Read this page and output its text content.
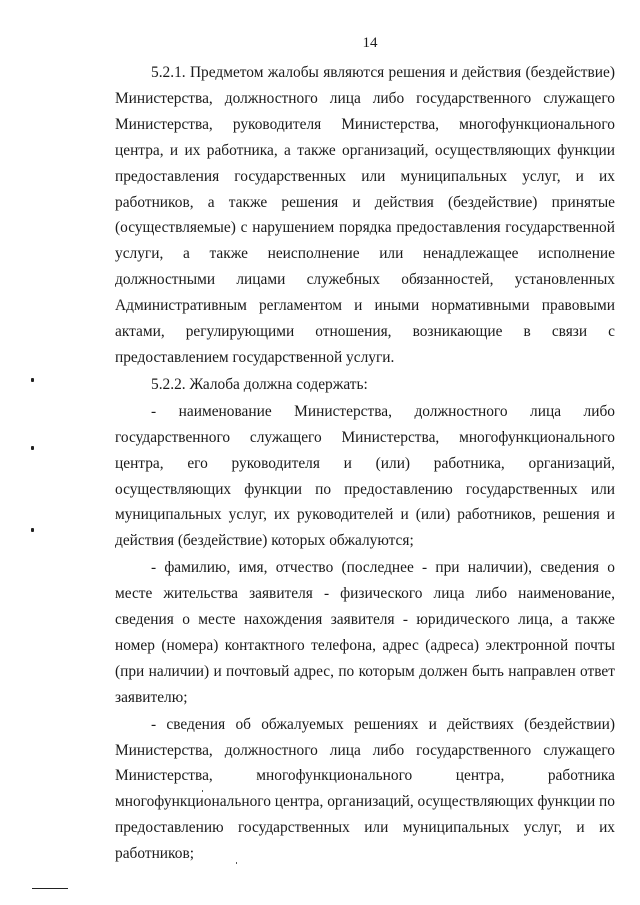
14

5.2.1. Предметом жалобы являются решения и действия (бездействие) Министерства, должностного лица либо государственного служащего Министерства, руководителя Министерства, многофункционального центра, и их работника, а также организаций, осуществляющих функции предоставления государственных или муниципальных услуг, и их работников, а также решения и действия (бездействие) принятые (осуществляемые) с нарушением порядка предоставления государственной услуги, а также неисполнение или ненадлежащее исполнение должностными лицами служебных обязанностей, установленных Административным регламентом и иными нормативными правовыми актами, регулирующими отношения, возникающие в связи с предоставлением государственной услуги.

5.2.2. Жалоба должна содержать:

- наименование Министерства, должностного лица либо государственного служащего Министерства, многофункционального центра, его руководителя и (или) работника, организаций, осуществляющих функции по предоставлению государственных или муниципальных услуг, их руководителей и (или) работников, решения и действия (бездействие) которых обжалуются;

- фамилию, имя, отчество (последнее - при наличии), сведения о месте жительства заявителя - физического лица либо наименование, сведения о месте нахождения заявителя - юридического лица, а также номер (номера) контактного телефона, адрес (адреса) электронной почты (при наличии) и почтовый адрес, по которым должен быть направлен ответ заявителю;

- сведения об обжалуемых решениях и действиях (бездействии) Министерства, должностного лица либо государственного служащего Министерства, многофункционального центра, работника многофункционального центра, организаций, осуществляющих функции по предоставлению государственных или муниципальных услуг, и их работников;
